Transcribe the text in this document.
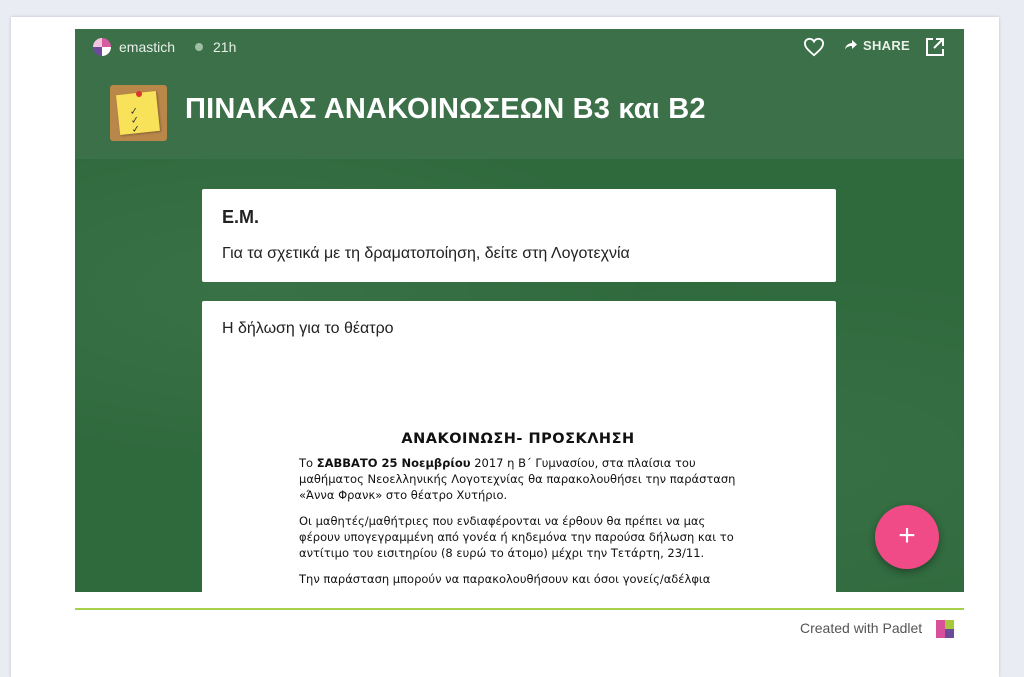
emastich	21h	SHARE
✓
✓
✓
ΠΙΝΑΚΑΣ ΑΝΑΚΟΙΝΩΣΕΩΝ Β3 και Β2
Ε.Μ.
Για τα σχετικά με τη δραματοποίηση, δείτε στη Λογοτεχνία
Η δήλωση για το θέατρο
ΑΝΑΚΟΙΝΩΣΗ- ΠΡΟΣΚΛΗΣΗ

Το ΣΑΒΒΑΤΟ 25 Νοεμβρίου 2017 η Β΄ Γυμνασίου, στα πλαίσια του μαθήματος Νεοελληνικής Λογοτεχνίας θα παρακολουθήσει την παράσταση «Άννα Φρανκ» στο θέατρο Χυτήριο.

Οι μαθητές/μαθήτριες που ενδιαφέρονται να έρθουν θα πρέπει να μας φέρουν υπογεγραμμένη από γονέα ή κηδεμόνα την παρούσα δήλωση και το αντίτιμο του εισιτηρίου (8 ευρώ το άτομο) μέχρι την Τετάρτη, 23/11.

Την παράσταση μπορούν να παρακολουθήσουν και όσοι γονείς/αδέλφια

+
Created with Padlet
